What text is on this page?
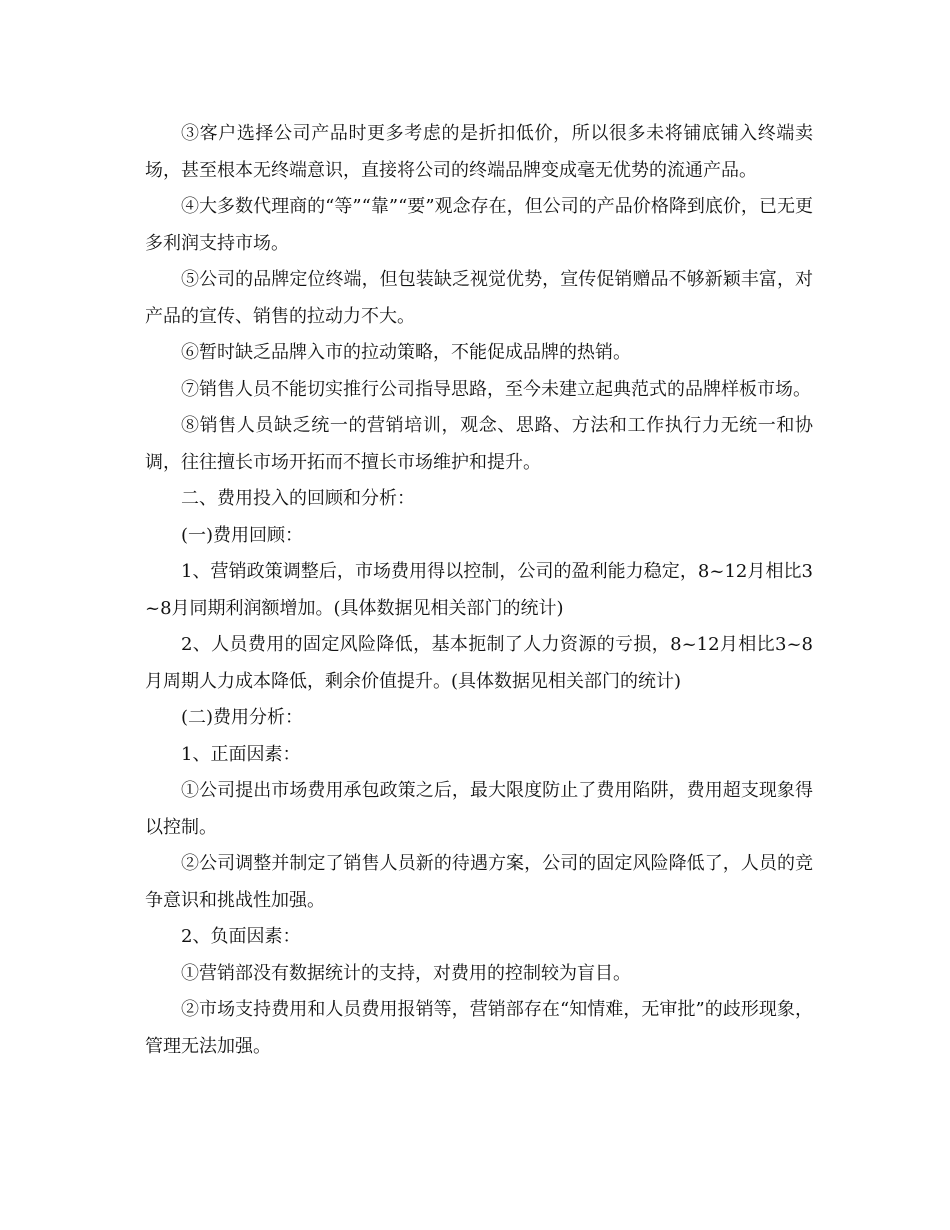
③客户选择公司产品时更多考虑的是折扣低价，所以很多未将铺底铺入终端卖场，甚至根本无终端意识，直接将公司的终端品牌变成毫无优势的流通产品。

④大多数代理商的“等”“靠”“要”观念存在，但公司的产品价格降到底价，已无更多利润支持市场。

⑤公司的品牌定位终端，但包装缺乏视觉优势，宣传促销赠品不够新颖丰富，对产品的宣传、销售的拉动力不大。

⑥暂时缺乏品牌入市的拉动策略，不能促成品牌的热销。

⑦销售人员不能切实推行公司指导思路，至今未建立起典范式的品牌样板市场。

⑧销售人员缺乏统一的营销培训，观念、思路、方法和工作执行力无统一和协调，往往擅长市场开拓而不擅长市场维护和提升。

二、费用投入的回顾和分析：

(一)费用回顾：

1、营销政策调整后，市场费用得以控制，公司的盈利能力稳定，8~12月相比3~8月同期利润额增加。(具体数据见相关部门的统计)

2、人员费用的固定风险降低，基本扼制了人力资源的亏损，8~12月相比3~8月周期人力成本降低，剩余价值提升。(具体数据见相关部门的统计)

(二)费用分析：

1、正面因素：

①公司提出市场费用承包政策之后，最大限度防止了费用陷阱，费用超支现象得以控制。

②公司调整并制定了销售人员新的待遇方案，公司的固定风险降低了，人员的竞争意识和挑战性加强。

2、负面因素：

①营销部没有数据统计的支持，对费用的控制较为盲目。

②市场支持费用和人员费用报销等，营销部存在“知情难，无审批”的歧形现象，管理无法加强。
